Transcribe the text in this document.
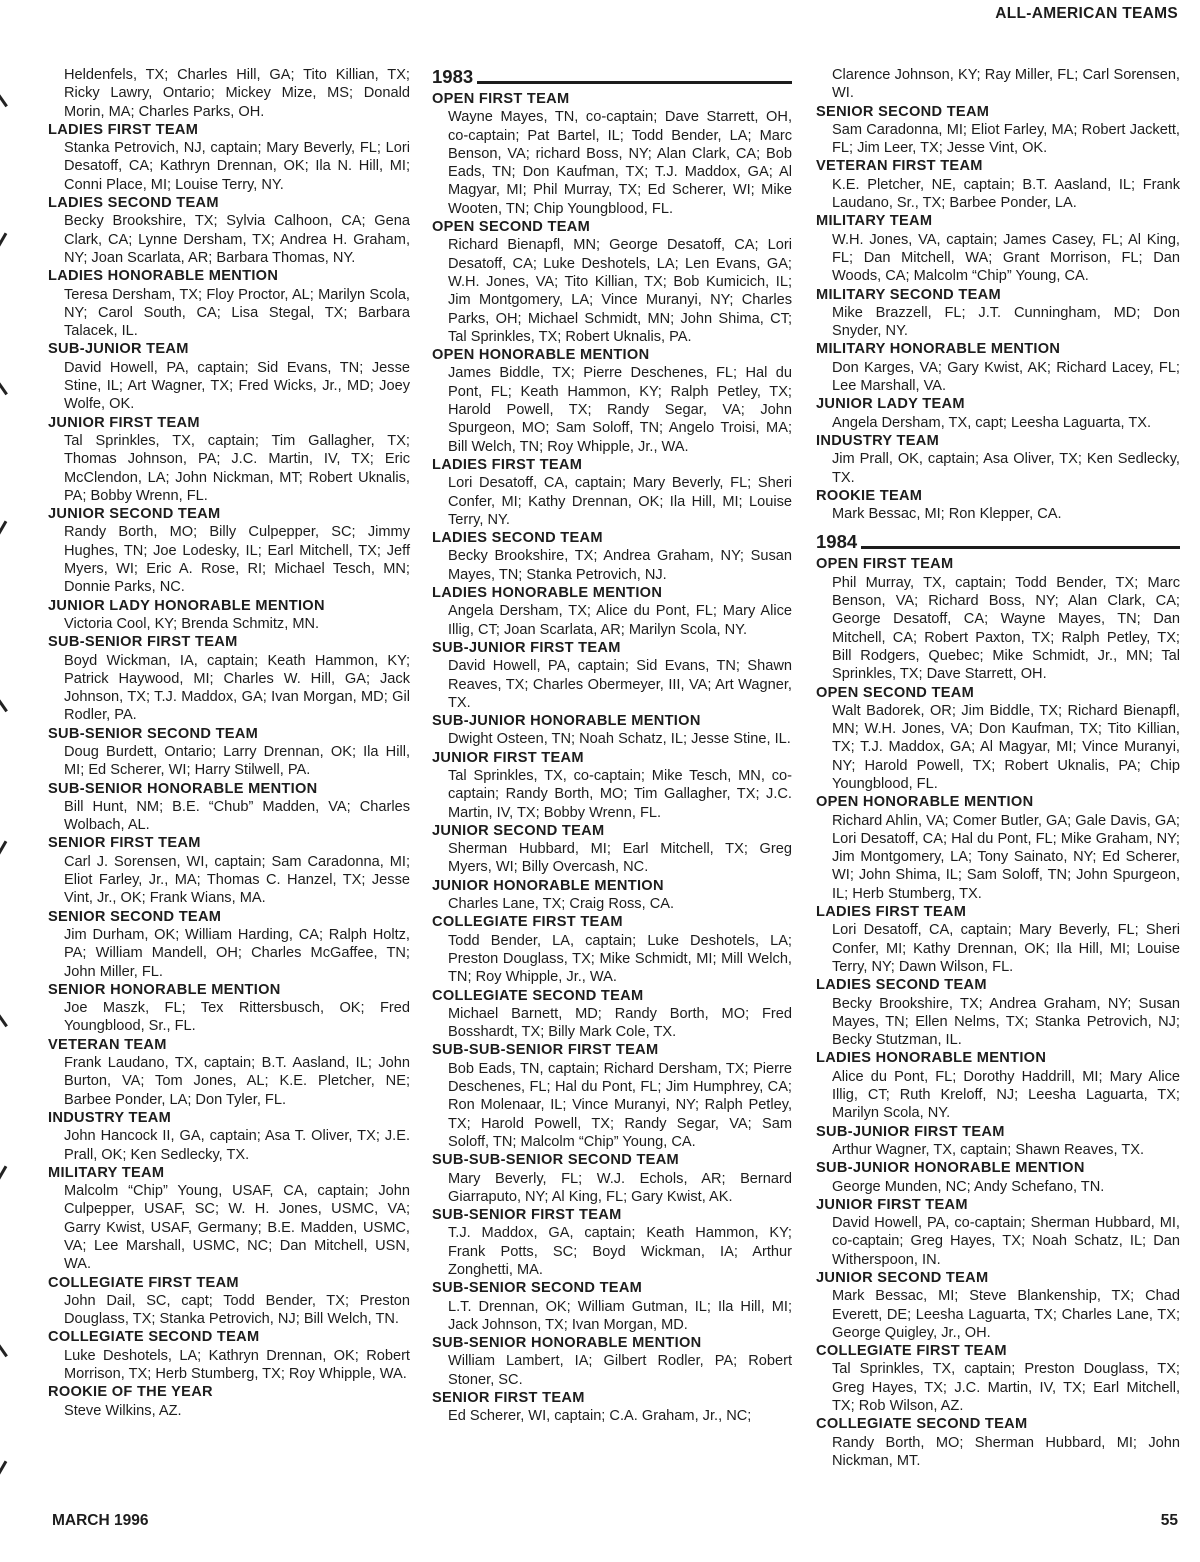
ALL-AMERICAN TEAMS

Heldenfels, TX; Charles Hill, GA; Tito Killian, TX; Ricky Lawry, Ontario; Mickey Mize, MS; Donald Morin, MA; Charles Parks, OH.

LADIES FIRST TEAM

Stanka Petrovich, NJ, captain; Mary Beverly, FL; Lori Desatoff, CA; Kathryn Drennan, OK; Ila N. Hill, MI; Conni Place, MI; Louise Terry, NY.

LADIES SECOND TEAM

Becky Brookshire, TX; Sylvia Calhoon, CA; Gena Clark, CA; Lynne Dersham, TX; Andrea H. Graham, NY; Joan Scarlata, AR; Barbara Thomas, NY.

LADIES HONORABLE MENTION

Teresa Dersham, TX; Floy Proctor, AL; Marilyn Scola, NY; Carol South, CA; Lisa Stegal, TX; Barbara Talacek, IL.

SUB-JUNIOR TEAM

David Howell, PA, captain; Sid Evans, TN; Jesse Stine, IL; Art Wagner, TX; Fred Wicks, Jr., MD; Joey Wolfe, OK.

JUNIOR FIRST TEAM

Tal Sprinkles, TX, captain; Tim Gallagher, TX; Thomas Johnson, PA; J.C. Martin, IV, TX; Eric McClendon, LA; John Nickman, MT; Robert Uknalis, PA; Bobby Wrenn, FL.

JUNIOR SECOND TEAM

Randy Borth, MO; Billy Culpepper, SC; Jimmy Hughes, TN; Joe Lodesky, IL; Earl Mitchell, TX; Jeff Myers, WI; Eric A. Rose, RI; Michael Tesch, MN; Donnie Parks, NC.

JUNIOR LADY HONORABLE MENTION

Victoria Cool, KY; Brenda Schmitz, MN.

SUB-SENIOR FIRST TEAM

Boyd Wickman, IA, captain; Keath Hammon, KY; Patrick Haywood, MI; Charles W. Hill, GA; Jack Johnson, TX; T.J. Maddox, GA; Ivan Morgan, MD; Gil Rodler, PA.

SUB-SENIOR SECOND TEAM

Doug Burdett, Ontario; Larry Drennan, OK; Ila Hill, MI; Ed Scherer, WI; Harry Stilwell, PA.

SUB-SENIOR HONORABLE MENTION

Bill Hunt, NM; B.E. “Chub” Madden, VA; Charles Wolbach, AL.

SENIOR FIRST TEAM

Carl J. Sorensen, WI, captain; Sam Caradonna, MI; Eliot Farley, Jr., MA; Thomas C. Hanzel, TX; Jesse Vint, Jr., OK; Frank Wians, MA.

SENIOR SECOND TEAM

Jim Durham, OK; William Harding, CA; Ralph Holtz, PA; William Mandell, OH; Charles McGaffee, TN; John Miller, FL.

SENIOR HONORABLE MENTION

Joe Maszk, FL; Tex Rittersbusch, OK; Fred Youngblood, Sr., FL.

VETERAN TEAM

Frank Laudano, TX, captain; B.T. Aasland, IL; John Burton, VA; Tom Jones, AL; K.E. Pletcher, NE; Barbee Ponder, LA; Don Tyler, FL.

INDUSTRY TEAM

John Hancock II, GA, captain; Asa T. Oliver, TX; J.E. Prall, OK; Ken Sedlecky, TX.

MILITARY TEAM

Malcolm “Chip” Young, USAF, CA, captain; John Culpepper, USAF, SC; W. H. Jones, USMC, VA; Garry Kwist, USAF, Germany; B.E. Madden, USMC, VA; Lee Marshall, USMC, NC; Dan Mitchell, USN, WA.

COLLEGIATE FIRST TEAM

John Dail, SC, capt; Todd Bender, TX; Preston Douglass, TX; Stanka Petrovich, NJ; Bill Welch, TN.

COLLEGIATE SECOND TEAM

Luke Deshotels, LA; Kathryn Drennan, OK; Robert Morrison, TX; Herb Stumberg, TX; Roy Whipple, WA.

ROOKIE OF THE YEAR

Steve Wilkins, AZ.

1983

OPEN FIRST TEAM

Wayne Mayes, TN, co-captain; Dave Starrett, OH, co-captain; Pat Bartel, IL; Todd Bender, LA; Marc Benson, VA; richard Boss, NY; Alan Clark, CA; Bob Eads, TN; Don Kaufman, TX; T.J. Maddox, GA; Al Magyar, MI; Phil Murray, TX; Ed Scherer, WI; Mike Wooten, TN; Chip Youngblood, FL.

OPEN SECOND TEAM

Richard Bienapfl, MN; George Desatoff, CA; Lori Desatoff, CA; Luke Deshotels, LA; Len Evans, GA; W.H. Jones, VA; Tito Killian, TX; Bob Kumicich, IL; Jim Montgomery, LA; Vince Muranyi, NY; Charles Parks, OH; Michael Schmidt, MN; John Shima, CT; Tal Sprinkles, TX; Robert Uknalis, PA.

OPEN HONORABLE MENTION

James Biddle, TX; Pierre Deschenes, FL; Hal du Pont, FL; Keath Hammon, KY; Ralph Petley, TX; Harold Powell, TX; Randy Segar, VA; John Spurgeon, MO; Sam Soloff, TN; Angelo Troisi, MA; Bill Welch, TN; Roy Whipple, Jr., WA.

LADIES FIRST TEAM

Lori Desatoff, CA, captain; Mary Beverly, FL; Sheri Confer, MI; Kathy Drennan, OK; Ila Hill, MI; Louise Terry, NY.

LADIES SECOND TEAM

Becky Brookshire, TX; Andrea Graham, NY; Susan Mayes, TN; Stanka Petrovich, NJ.

LADIES HONORABLE MENTION

Angela Dersham, TX; Alice du Pont, FL; Mary Alice Illig, CT; Joan Scarlata, AR; Marilyn Scola, NY.

SUB-JUNIOR FIRST TEAM

David Howell, PA, captain; Sid Evans, TN; Shawn Reaves, TX; Charles Obermeyer, III, VA; Art Wagner, TX.

SUB-JUNIOR HONORABLE MENTION

Dwight Osteen, TN; Noah Schatz, IL; Jesse Stine, IL.

JUNIOR FIRST TEAM

Tal Sprinkles, TX, co-captain; Mike Tesch, MN, co-captain; Randy Borth, MO; Tim Gallagher, TX; J.C. Martin, IV, TX; Bobby Wrenn, FL.

JUNIOR SECOND TEAM

Sherman Hubbard, MI; Earl Mitchell, TX; Greg Myers, WI; Billy Overcash, NC.

JUNIOR HONORABLE MENTION

Charles Lane, TX; Craig Ross, CA.

COLLEGIATE FIRST TEAM

Todd Bender, LA, captain; Luke Deshotels, LA; Preston Douglass, TX; Mike Schmidt, MI; Mill Welch, TN; Roy Whipple, Jr., WA.

COLLEGIATE SECOND TEAM

Michael Barnett, MD; Randy Borth, MO; Fred Bosshardt, TX; Billy Mark Cole, TX.

SUB-SUB-SENIOR FIRST TEAM

Bob Eads, TN, captain; Richard Dersham, TX; Pierre Deschenes, FL; Hal du Pont, FL; Jim Humphrey, CA; Ron Molenaar, IL; Vince Muranyi, NY; Ralph Petley, TX; Harold Powell, TX; Randy Segar, VA; Sam Soloff, TN; Malcolm “Chip” Young, CA.

SUB-SUB-SENIOR SECOND TEAM

Mary Beverly, FL; W.J. Echols, AR; Bernard Giarraputo, NY; Al King, FL; Gary Kwist, AK.

SUB-SENIOR FIRST TEAM

T.J. Maddox, GA, captain; Keath Hammon, KY; Frank Potts, SC; Boyd Wickman, IA; Arthur Zonghetti, MA.

SUB-SENIOR SECOND TEAM

L.T. Drennan, OK; William Gutman, IL; Ila Hill, MI; Jack Johnson, TX; Ivan Morgan, MD.

SUB-SENIOR HONORABLE MENTION

William Lambert, IA; Gilbert Rodler, PA; Robert Stoner, SC.

SENIOR FIRST TEAM

Ed Scherer, WI, captain; C.A. Graham, Jr., NC;

Clarence Johnson, KY; Ray Miller, FL; Carl Sorensen, WI.

SENIOR SECOND TEAM

Sam Caradonna, MI; Eliot Farley, MA; Robert Jackett, FL; Jim Leer, TX; Jesse Vint, OK.

VETERAN FIRST TEAM

K.E. Pletcher, NE, captain; B.T. Aasland, IL; Frank Laudano, Sr., TX; Barbee Ponder, LA.

MILITARY TEAM

W.H. Jones, VA, captain; James Casey, FL; Al King, FL; Dan Mitchell, WA; Grant Morrison, FL; Dan Woods, CA; Malcolm “Chip” Young, CA.

MILITARY SECOND TEAM

Mike Brazzell, FL; J.T. Cunningham, MD; Don Snyder, NY.

MILITARY HONORABLE MENTION

Don Karges, VA; Gary Kwist, AK; Richard Lacey, FL; Lee Marshall, VA.

JUNIOR LADY TEAM

Angela Dersham, TX, capt; Leesha Laguarta, TX.

INDUSTRY TEAM

Jim Prall, OK, captain; Asa Oliver, TX; Ken Sedlecky, TX.

ROOKIE TEAM

Mark Bessac, MI; Ron Klepper, CA.

1984

OPEN FIRST TEAM

Phil Murray, TX, captain; Todd Bender, TX; Marc Benson, VA; Richard Boss, NY; Alan Clark, CA; George Desatoff, CA; Wayne Mayes, TN; Dan Mitchell, CA; Robert Paxton, TX; Ralph Petley, TX; Bill Rodgers, Quebec; Mike Schmidt, Jr., MN; Tal Sprinkles, TX; Dave Starrett, OH.

OPEN SECOND TEAM

Walt Badorek, OR; Jim Biddle, TX; Richard Bienapfl, MN; W.H. Jones, VA; Don Kaufman, TX; Tito Killian, TX; T.J. Maddox, GA; Al Magyar, MI; Vince Muranyi, NY; Harold Powell, TX; Robert Uknalis, PA; Chip Youngblood, FL.

OPEN HONORABLE MENTION

Richard Ahlin, VA; Comer Butler, GA; Gale Davis, GA; Lori Desatoff, CA; Hal du Pont, FL; Mike Graham, NY; Jim Montgomery, LA; Tony Sainato, NY; Ed Scherer, WI; John Shima, IL; Sam Soloff, TN; John Spurgeon, IL; Herb Stumberg, TX.

LADIES FIRST TEAM

Lori Desatoff, CA, captain; Mary Beverly, FL; Sheri Confer, MI; Kathy Drennan, OK; Ila Hill, MI; Louise Terry, NY; Dawn Wilson, FL.

LADIES SECOND TEAM

Becky Brookshire, TX; Andrea Graham, NY; Susan Mayes, TN; Ellen Nelms, TX; Stanka Petrovich, NJ; Becky Stutzman, IL.

LADIES HONORABLE MENTION

Alice du Pont, FL; Dorothy Haddrill, MI; Mary Alice Illig, CT; Ruth Kreloff, NJ; Leesha Laguarta, TX; Marilyn Scola, NY.

SUB-JUNIOR FIRST TEAM

Arthur Wagner, TX, captain; Shawn Reaves, TX.

SUB-JUNIOR HONORABLE MENTION

George Munden, NC; Andy Schefano, TN.

JUNIOR FIRST TEAM

David Howell, PA, co-captain; Sherman Hubbard, MI, co-captain; Greg Hayes, TX; Noah Schatz, IL; Dan Witherspoon, IN.

JUNIOR SECOND TEAM

Mark Bessac, MI; Steve Blankenship, TX; Chad Everett, DE; Leesha Laguarta, TX; Charles Lane, TX; George Quigley, Jr., OH.

COLLEGIATE FIRST TEAM

Tal Sprinkles, TX, captain; Preston Douglass, TX; Greg Hayes, TX; J.C. Martin, IV, TX; Earl Mitchell, TX; Rob Wilson, AZ.

COLLEGIATE SECOND TEAM

Randy Borth, MO; Sherman Hubbard, MI; John Nickman, MT.

MARCH 1996	55
